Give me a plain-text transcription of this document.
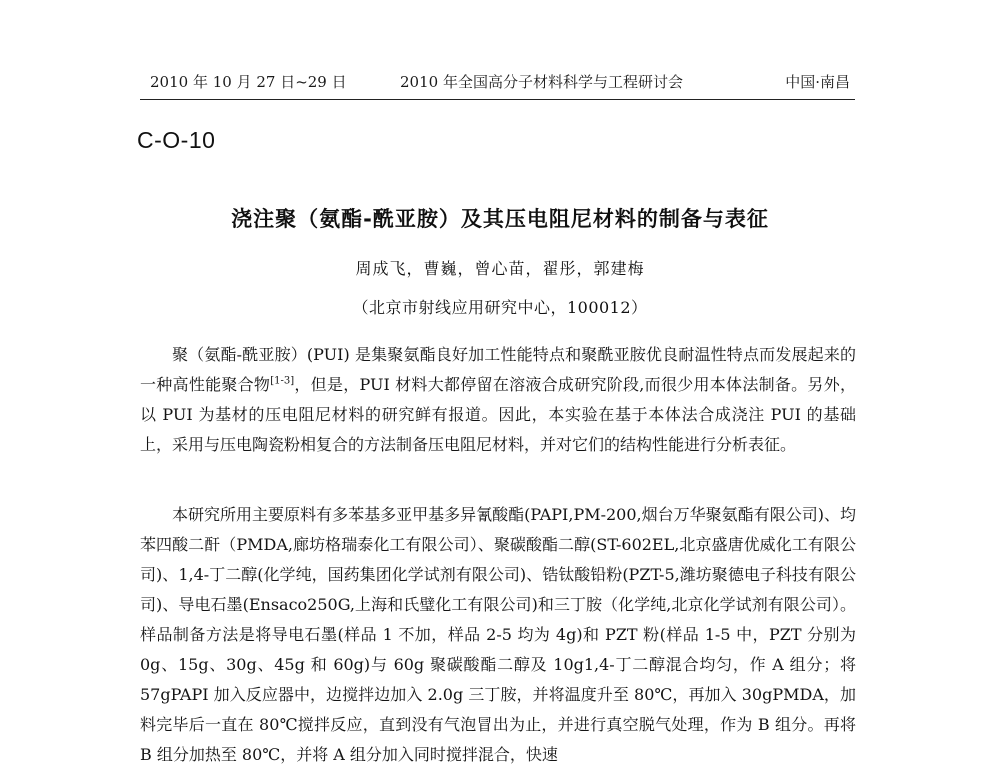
2010 年 10 月 27 日~29 日	2010 年全国高分子材料科学与工程研讨会	中国·南昌
C-O-10
浇注聚（氨酯-酰亚胺）及其压电阻尼材料的制备与表征
周成飞，曹巍，曾心苗，翟彤，郭建梅
（北京市射线应用研究中心，100012）

聚（氨酯-酰亚胺）(PUI) 是集聚氨酯良好加工性能特点和聚酰亚胺优良耐温性特点而发展起来的一种高性能聚合物[1-3]，但是，PUI 材料大都停留在溶液合成研究阶段,而很少用本体法制备。另外，以 PUI 为基材的压电阻尼材料的研究鲜有报道。因此，本实验在基于本体法合成浇注 PUI 的基础上，采用与压电陶瓷粉相复合的方法制备压电阻尼材料，并对它们的结构性能进行分析表征。

本研究所用主要原料有多苯基多亚甲基多异氰酸酯(PAPI,PM-200,烟台万华聚氨酯有限公司)、均苯四酸二酐（PMDA,廊坊格瑞泰化工有限公司）、聚碳酸酯二醇(ST-602EL,北京盛唐优威化工有限公司)、1,4-丁二醇(化学纯，国药集团化学试剂有限公司)、锆钛酸铅粉(PZT-5,潍坊聚德电子科技有限公司)、导电石墨(Ensaco250G,上海和氏璧化工有限公司)和三丁胺（化学纯,北京化学试剂有限公司）。样品制备方法是将导电石墨(样品 1 不加，样品 2-5 均为 4g)和 PZT 粉(样品 1-5 中，PZT 分别为 0g、15g、30g、45g 和 60g)与 60g 聚碳酸酯二醇及 10g1,4-丁二醇混合均匀，作 A 组分；将 57gPAPI 加入反应器中，边搅拌边加入 2.0g 三丁胺，并将温度升至 80℃，再加入 30gPMDA，加料完毕后一直在 80℃搅拌反应，直到没有气泡冒出为止，并进行真空脱气处理，作为 B 组分。再将 B 组分加热至 80℃，并将 A 组分加入同时搅拌混合，快速
